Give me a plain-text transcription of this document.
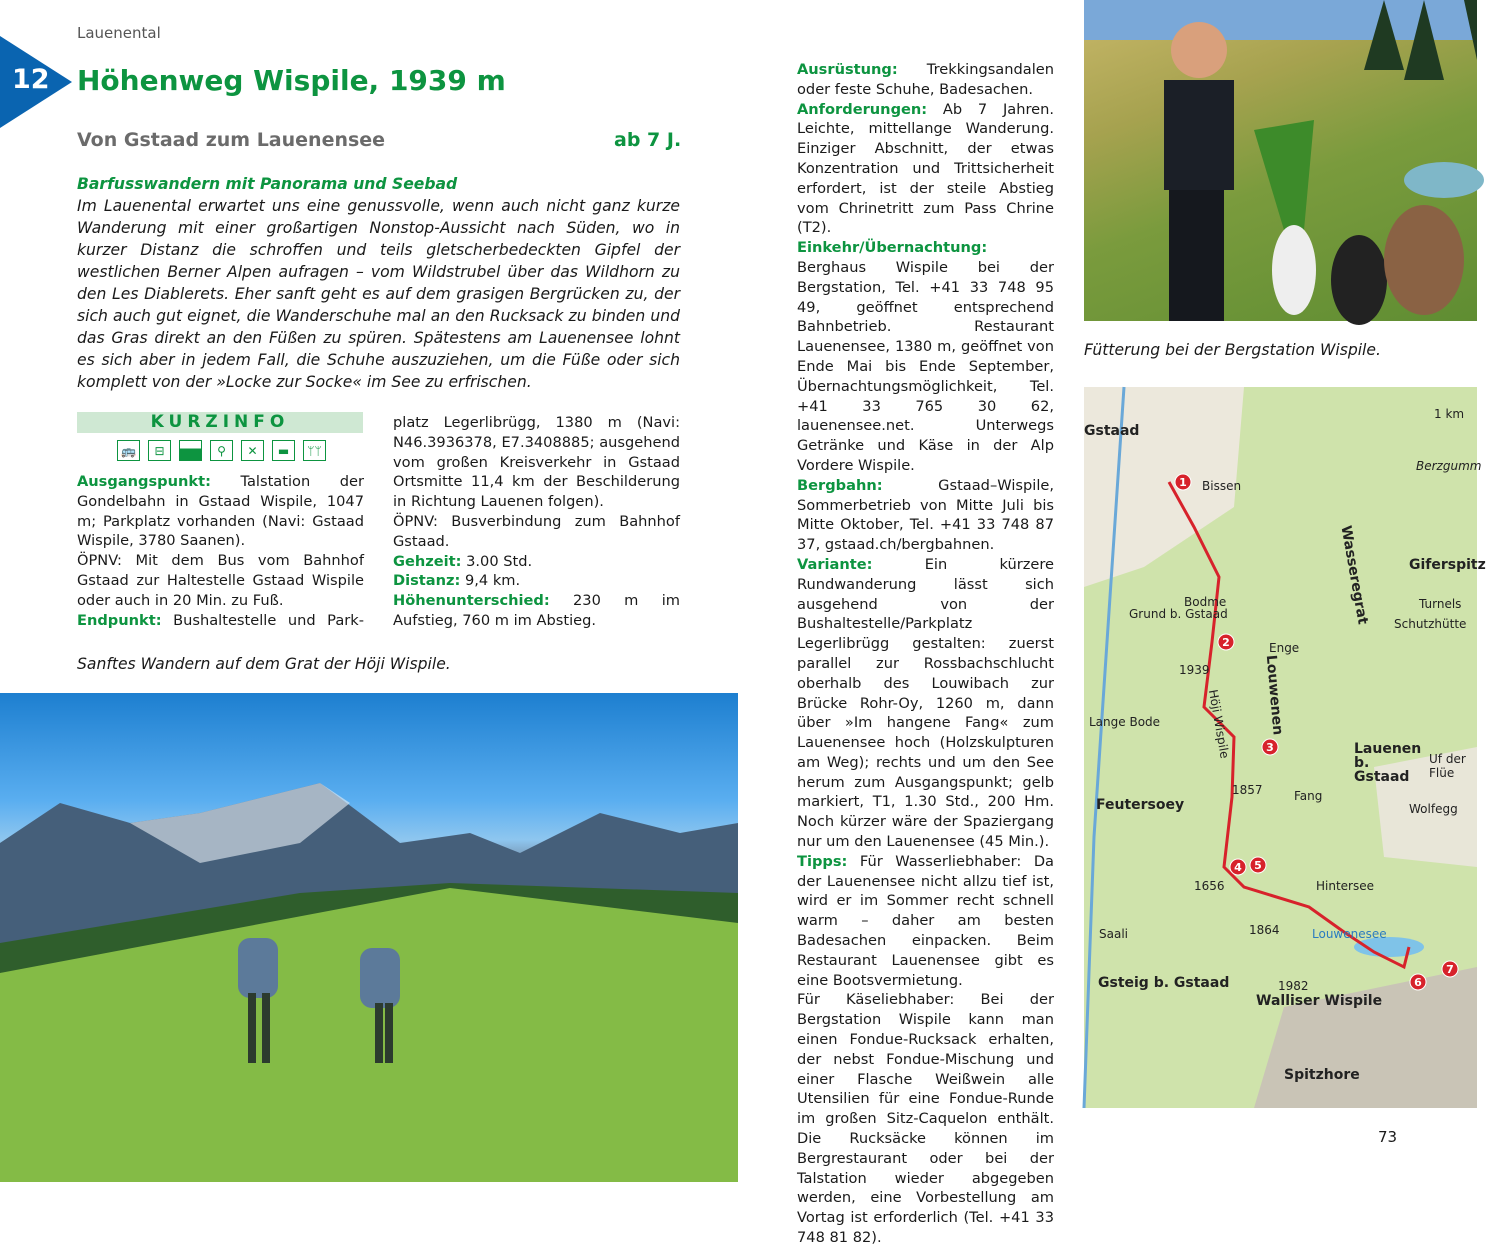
Lauenental
12 Höhenweg Wispile, 1939 m
Von Gstaad zum Lauenensee	ab 7 J.
Barfusswandern mit Panorama und Seebad
Im Lauenental erwartet uns eine genussvolle, wenn auch nicht ganz kurze Wanderung mit einer großartigen Nonstop-Aussicht nach Süden, wo in kurzer Distanz die schroffen und teils gletscherbedeckten Gipfel der westlichen Berner Alpen aufragen – vom Wildstrubel über das Wildhorn zu den Les Diablerets. Eher sanft geht es auf dem grasigen Bergrücken zu, der sich auch gut eignet, die Wanderschuhe mal an den Rucksack zu binden und das Gras direkt an den Füßen zu spüren. Spätestens am Lauenensee lohnt es sich aber in jedem Fall, die Schuhe auszuziehen, um die Füße oder sich komplett von der »Locke zur Socke« im See zu erfrischen.
KURZINFO
🚌	⊟	⚲	✕	▬	ᛘᛘ

Ausgangspunkt: Talstation der Gondelbahn in Gstaad Wispile, 1047 m; Parkplatz vorhanden (Navi: Gstaad Wispile, 3780 Saanen).

ÖPNV: Mit dem Bus vom Bahnhof Gstaad zur Haltestelle Gstaad Wispile oder auch in 20 Min. zu Fuß.

Endpunkt: Bushaltestelle und Park-

platz Legerlibrügg, 1380 m (Navi: N46.3936378, E7.3408885; ausgehend vom großen Kreisverkehr in Gstaad Ortsmitte 11,4 km der Beschilderung in Richtung Lauenen folgen).

ÖPNV: Busverbindung zum Bahnhof Gstaad.

Gehzeit: 3.00 Std.

Distanz: 9,4 km.

Höhenunterschied: 230 m im Aufstieg, 760 m im Abstieg.

Sanftes Wandern auf dem Grat der Höji Wispile.

Ausrüstung: Trekkingsandalen oder feste Schuhe, Badesachen.

Anforderungen: Ab 7 Jahren. Leichte, mittellange Wanderung. Einziger Abschnitt, der etwas Konzentration und Trittsicherheit erfordert, ist der steile Abstieg vom Chrinetritt zum Pass Chrine (T2).

Einkehr/Übernachtung: Berghaus Wispile bei der Bergstation, Tel. +41 33 748 95 49, geöffnet entsprechend Bahnbetrieb. Restaurant Lauenensee, 1380 m, geöffnet von Ende Mai bis Ende September, Übernachtungsmöglichkeit, Tel. +41 33 765 30 62, lauenensee.net. Unterwegs Getränke und Käse in der Alp Vordere Wispile.

Bergbahn: Gstaad–Wispile, Sommerbetrieb von Mitte Juli bis Mitte Oktober, Tel. +41 33 748 87 37, gstaad.ch/bergbahnen.

Variante: Ein kürzere Rundwanderung lässt sich ausgehend von der Bushaltestelle/Parkplatz Legerlibrügg gestalten: zuerst parallel zur Rossbachschlucht oberhalb des Louwibach zur Brücke Rohr-Oy, 1260 m, dann über »Im hangene Fang« zum Lauenensee hoch (Holzskulpturen am Weg); rechts und um den See herum zum Ausgangspunkt; gelb markiert, T1, 1.30 Std., 200 Hm. Noch kürzer wäre der Spaziergang nur um den Lauenensee (45 Min.).

Tipps: Für Wasserliebhaber: Da der Lauenensee nicht allzu tief ist, wird er im Sommer recht schnell warm – daher am besten Badesachen einpacken. Beim Restaurant Lauenensee gibt es eine Bootsvermietung.

Für Käseliebhaber: Bei der Bergstation Wispile kann man einen Fondue-Rucksack erhalten, der nebst Fondue-Mischung und einer Flasche Weißwein alle Utensilien für eine Fondue-Runde im großen Sitz-Caquelon enthält. Die Rucksäcke können im Bergrestaurant oder bei der Talstation wieder abgegeben werden, eine Vorbestellung am Vortag ist erforderlich (Tel. +41 33 748 81 82).

Fütterung bei der Bergstation Wispile.
1
2
3
4 5
6
7
Gstaad
Bissen
Grund b. Gstaad
Bodme
Höji Wispile Louwenen
Wasseregrat	Giferspitz
Turnels
Schutzhütte
Lauenen b. Gstaad
Uf der Flüe
Wolfegg
Feutersoey
Fang
Hintersee
Louwenesee
Gsteig b. Gstaad
Walliser Wispile
Spitzhore
Berzgumm
Lange Bode
Saali
Enge
1939
1857
1656
1864
1982
1 km
73
